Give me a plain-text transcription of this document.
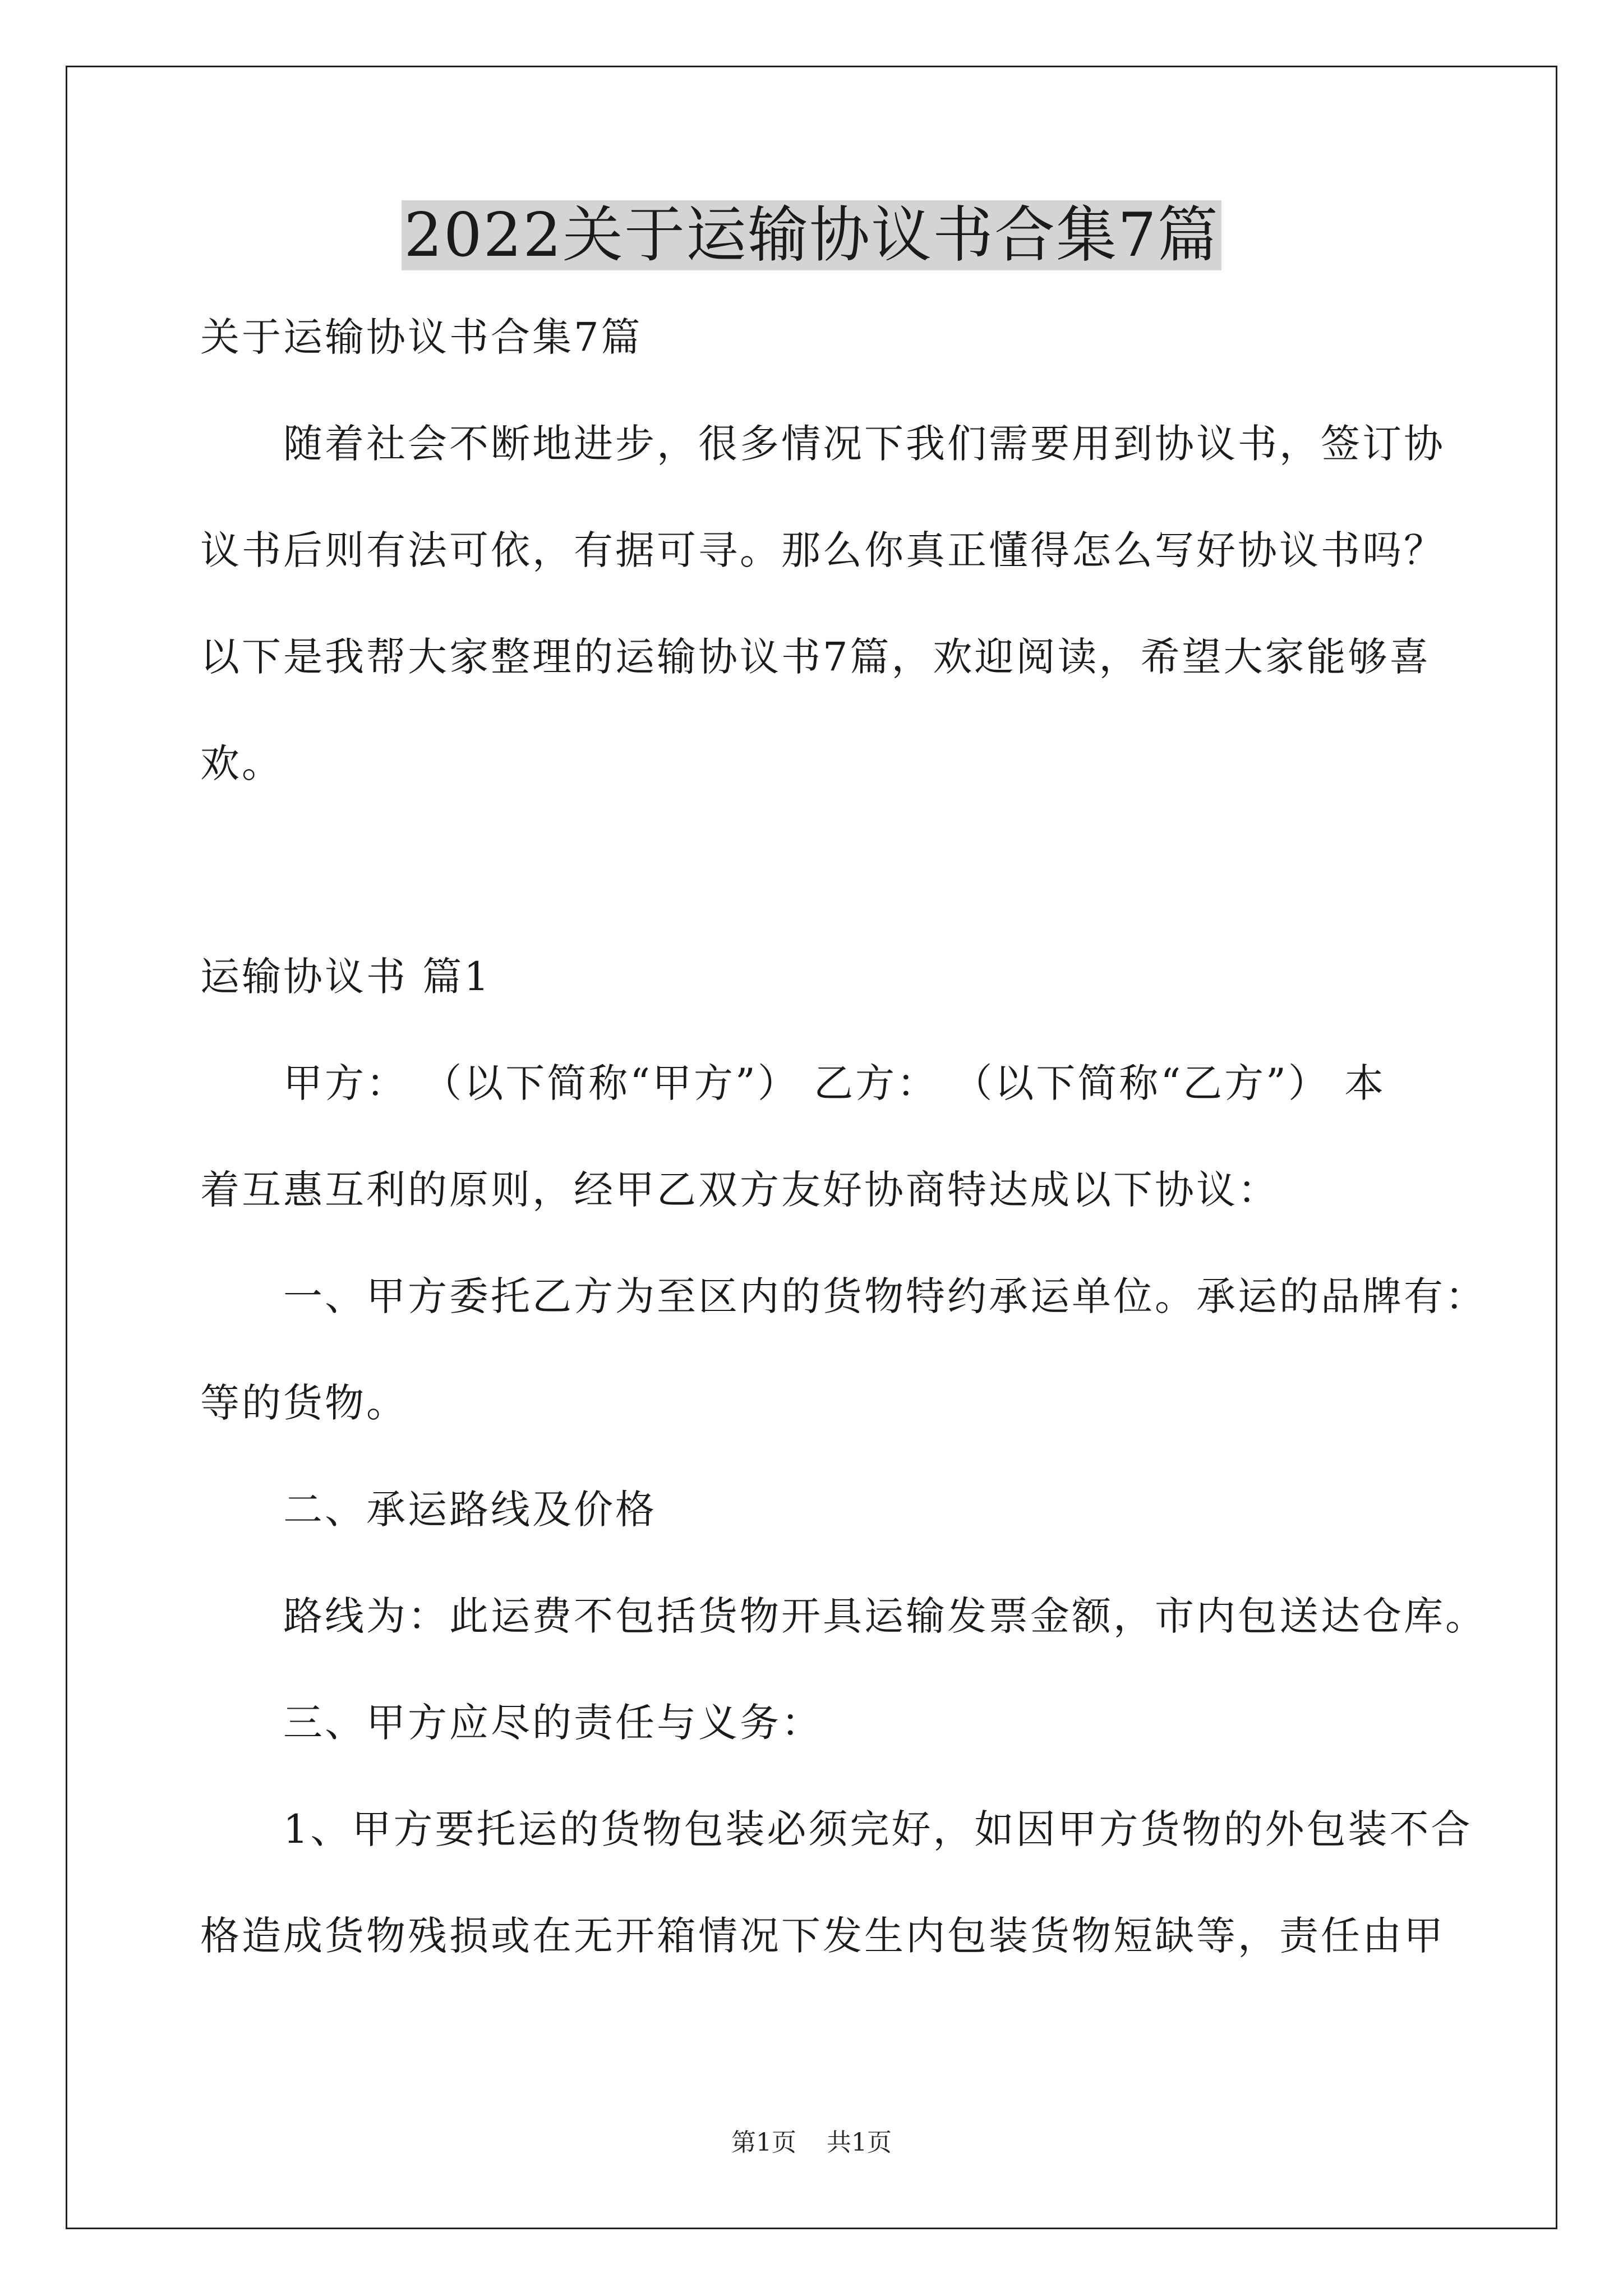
2022关于运输协议书合集7篇
关于运输协议书合集7篇
随着社会不断地进步，很多情况下我们需要用到协议书，签订协
议书后则有法可依，有据可寻。那么你真正懂得怎么写好协议书吗？
以下是我帮大家整理的运输协议书7篇，欢迎阅读，希望大家能够喜
欢。
运输协议书 篇1
甲方： （以下简称“甲方”） 乙方： （以下简称“乙方”） 本
着互惠互利的原则，经甲乙双方友好协商特达成以下协议：
一、甲方委托乙方为至区内的货物特约承运单位。承运的品牌有：
等的货物。
二、承运路线及价格
路线为：此运费不包括货物开具运输发票金额，市内包送达仓库。
三、甲方应尽的责任与义务：
1、甲方要托运的货物包装必须完好，如因甲方货物的外包装不合
格造成货物残损或在无开箱情况下发生内包装货物短缺等，责任由甲
第1页 共1页
